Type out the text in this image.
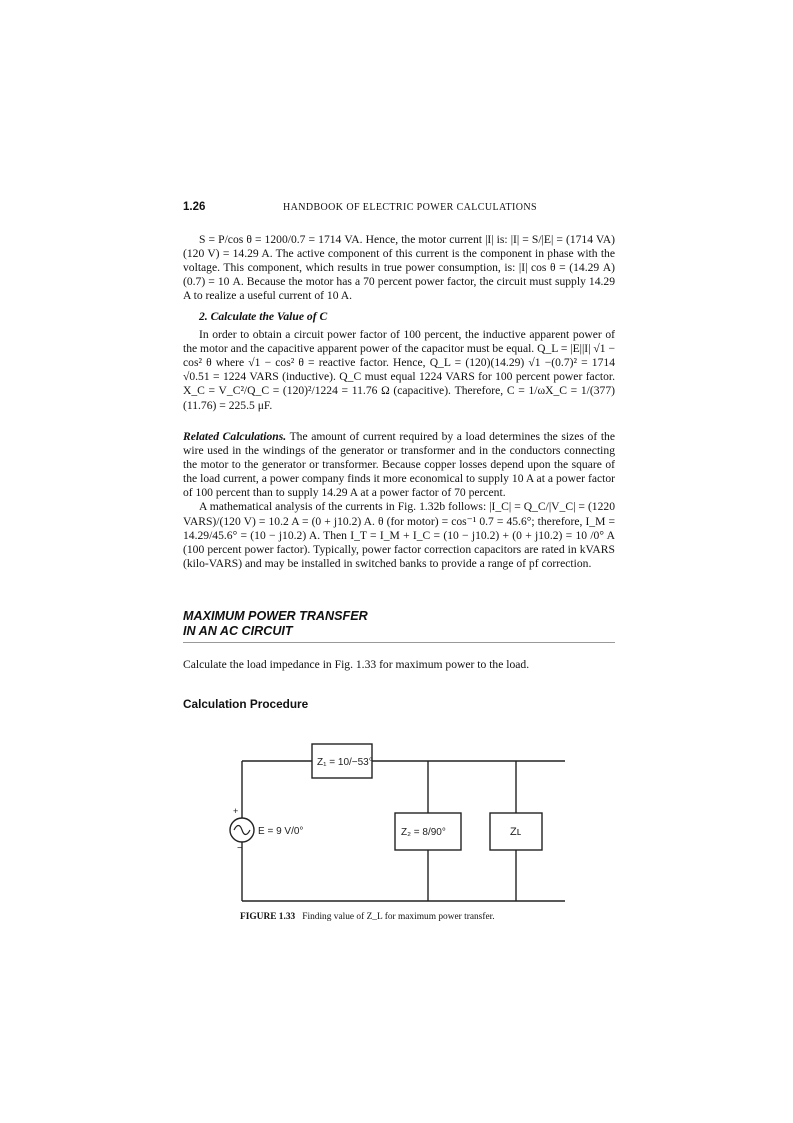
1.26	HANDBOOK OF ELECTRIC POWER CALCULATIONS

S = P/cos θ = 1200/0.7 = 1714 VA. Hence, the motor current |I| is: |I| = S/|E| = (1714 VA) (120 V) = 14.29 A. The active component of this current is the component in phase with the voltage. This component, which results in true power consumption, is: |I| cos θ = (14.29 A)(0.7) = 10 A. Because the motor has a 70 percent power factor, the circuit must supply 14.29 A to realize a useful current of 10 A.

2. Calculate the Value of C

In order to obtain a circuit power factor of 100 percent, the inductive apparent power of the motor and the capacitive apparent power of the capacitor must be equal. Q_L = |E||I| √1 − cos² θ where √1 − cos² θ = reactive factor. Hence, Q_L = (120)(14.29) √1 −(0.7)² = 1714 √0.51 = 1224 VARS (inductive). Q_C must equal 1224 VARS for 100 percent power factor. X_C = V_C²/Q_C = (120)²/1224 = 11.76 Ω (capacitive). Therefore, C = 1/ωX_C = 1/(377)(11.76) = 225.5 μF.

Related Calculations. The amount of current required by a load determines the sizes of the wire used in the windings of the generator or transformer and in the conductors connecting the motor to the generator or transformer. Because copper losses depend upon the square of the load current, a power company finds it more economical to supply 10 A at a power factor of 100 percent than to supply 14.29 A at a power factor of 70 percent.

A mathematical analysis of the currents in Fig. 1.32b follows: |I_C| = Q_C/|V_C| = (1220 VARS)/(120 V) = 10.2 A = (0 + j10.2) A. θ (for motor) = cos⁻¹ 0.7 = 45.6°; therefore, I_M = 14.29/45.6° = (10 − j10.2) A. Then I_T = I_M + I_C = (10 − j10.2) + (0 + j10.2) = 10 /0° A (100 percent power factor). Typically, power factor correction capacitors are rated in kVARS (kilo-VARS) and may be installed in switched banks to provide a range of pf correction.

MAXIMUM POWER TRANSFER
IN AN AC CIRCUIT
Calculate the load impedance in Fig. 1.33 for maximum power to the load.
Calculation Procedure
Z₁ = 10/−53°
Z₂ = 8/90°	Zʟ
+
−
E = 9 V/0°
FIGURE 1.33 Finding value of Z_L for maximum power transfer.
